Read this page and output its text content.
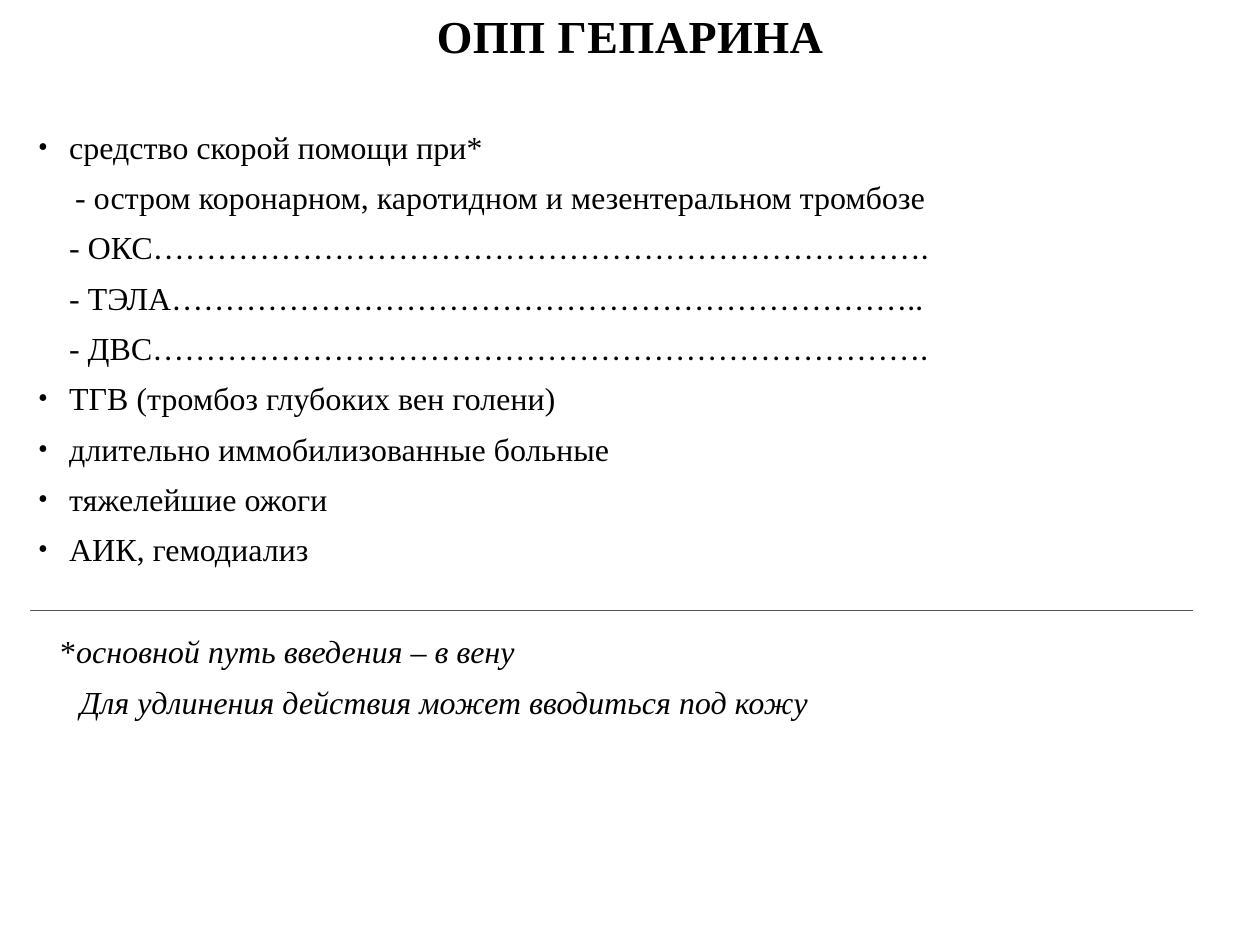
ОПП ГЕПАРИНА
• средство скорой помощи при*
- остром коронарном, каротидном и мезентеральном тромбозе
- ОКС……………………………………………………………….
- ТЭЛА……………………………………………………………..
- ДВС……………………………………………………………….
• ТГВ (тромбоз глубоких вен голени)
• длительно иммобилизованные больные
• тяжелейшие ожоги
• АИК, гемодиализ
*основной путь введения – в вену
Для удлинения действия может вводиться под кожу
